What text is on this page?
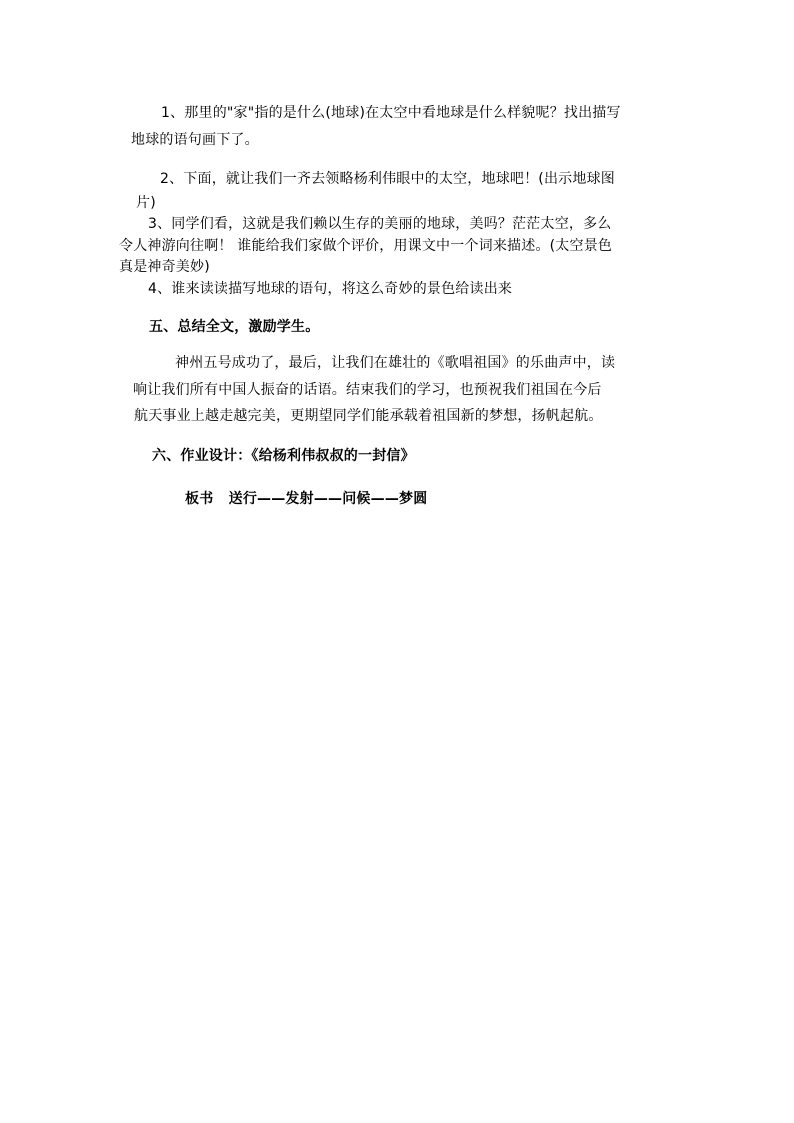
1、那里的"家"指的是什么(地球)在太空中看地球是什么样貌呢？找出描写
地球的语句画下了。
2、下面，就让我们一齐去领略杨利伟眼中的太空，地球吧！(出示地球图
片)
3、同学们看，这就是我们赖以生存的美丽的地球，美吗？茫茫太空，多么
令人神游向往啊！ 谁能给我们家做个评价，用课文中一个词来描述。(太空景色
真是神奇美妙)
4、谁来读读描写地球的语句，将这么奇妙的景色给读出来
五、总结全文，激励学生。
神州五号成功了，最后，让我们在雄壮的《歌唱祖国》的乐曲声中，读
响让我们所有中国人振奋的话语。结束我们的学习，也预祝我们祖国在今后
航天事业上越走越完美，更期望同学们能承载着祖国新的梦想，扬帆起航。
六、作业设计：《给杨利伟叔叔的一封信》
板书   送行——发射——问候——梦圆
